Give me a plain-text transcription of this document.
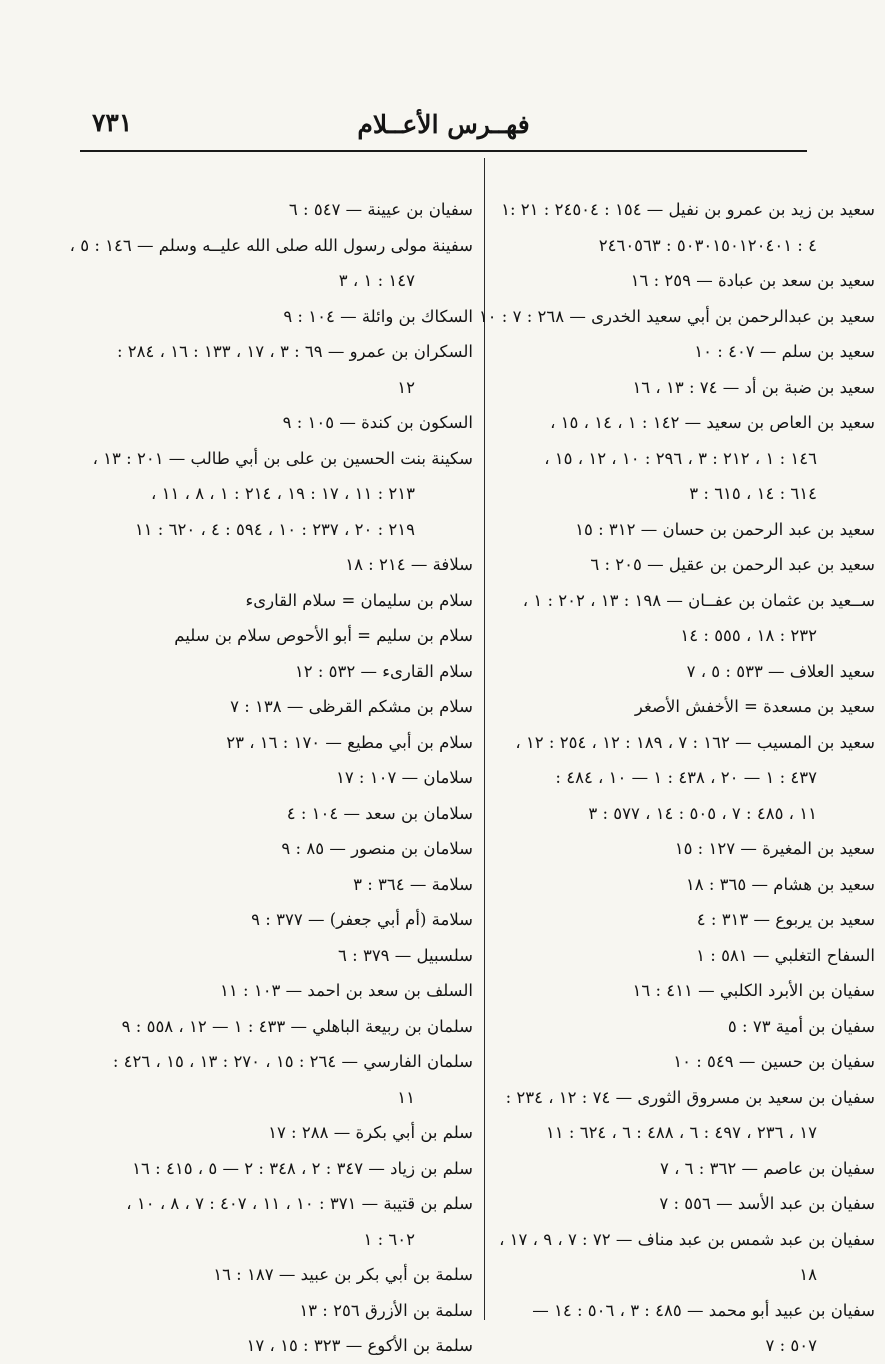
فهــرس الأعــلام
٧٣١
سعيد بن زيد بن عمرو بن نفيل — ١٥٤ : ٢٤٥٠٤ : ٢١ :١
٤ : ٥٠٣٠١٥٠١٢٠٤٠١ : ٢٤٦٠٥٦٣
سعيد بن سعد بن عبادة — ٢٥٩ : ١٦
سعيد بن عبدالرحمن بن أبي سعيد الخدرى — ٢٦٨ : ٧ : ١٠
سعيد بن سلم — ٤٠٧ : ١٠
سعيد بن ضبة بن أد — ٧٤ : ١٣ ، ١٦
سعيد بن العاص بن سعيد — ١٤٢ : ١ ، ١٤ ، ١٥ ،
١٤٦ : ١ ، ٢١٢ : ٣ ، ٢٩٦ : ١٠ ، ١٢ ، ١٥ ،
٦١٤ : ١٤ ، ٦١٥ : ٣
سعيد بن عبد الرحمن بن حسان — ٣١٢ : ١٥
سعيد بن عبد الرحمن بن عقيل — ٢٠٥ : ٦
ســعيد بن عثمان بن عفــان — ١٩٨ : ١٣ ، ٢٠٢ : ١ ،
٢٣٢ : ١٨ ، ٥٥٥ : ١٤
سعيد العلاف — ٥٣٣ : ٥ ، ٧
سعيد بن مسعدة = الأخفش الأصغر
سعيد بن المسيب — ١٦٢ : ٧ ، ١٨٩ : ١٢ ، ٢٥٤ : ١٢ ،
٤٣٧ : ١ — ٢٠ ، ٤٣٨ : ١ — ١٠ ، ٤٨٤ :
١١ ، ٤٨٥ : ٧ ، ٥٠٥ : ١٤ ، ٥٧٧ : ٣
سعيد بن المغيرة — ١٢٧ : ١٥
سعيد بن هشام — ٣٦٥ : ١٨
سعيد بن يربوع — ٣١٣ : ٤
السفاح التغلبي — ٥٨١ : ١
سفيان بن الأبرد الكلبي — ٤١١ : ١٦
سفيان بن أمية ٧٣ : ٥
سفيان بن حسين — ٥٤٩ : ١٠
سفيان بن سعيد بن مسروق الثورى — ٧٤ : ١٢ ، ٢٣٤ :
١٧ ، ٢٣٦ ، ٤٩٧ : ٦ ، ٤٨٨ : ٦ ، ٦٢٤ : ١١
سفيان بن عاصم — ٣٦٢ : ٦ ، ٧
سفيان بن عبد الأسد — ٥٥٦ : ٧
سفيان بن عبد شمس بن عبد مناف — ٧٢ : ٧ ، ٩ ، ١٧ ،
١٨
سفيان بن عبيد أبو محمد — ٤٨٥ : ٣ ، ٥٠٦ : ١٤ —
٥٠٧ : ٧
سفيان بن عيينة — ٥٤٧ : ٦
سفينة مولى رسول الله صلى الله عليــه وسلم — ١٤٦ : ٥ ،
١٤٧ : ١ ، ٣
السكاك بن وائلة — ١٠٤ : ٩
السكران بن عمرو — ٦٩ : ٣ ، ١٧ ، ١٣٣ : ١٦ ، ٢٨٤ :
١٢
السكون بن كندة — ١٠٥ : ٩
سكينة بنت الحسين بن على بن أبي طالب — ٢٠١ : ١٣ ،
٢١٣ : ١١ ، ١٧ : ١٩ ، ٢١٤ : ١ ، ٨ ، ١١ ،
٢١٩ : ٢٠ ، ٢٣٧ : ١٠ ، ٥٩٤ : ٤ ، ٦٢٠ : ١١
سلافة — ٢١٤ : ١٨
سلام بن سليمان = سلام القارىء
سلام بن سليم = أبو الأحوص سلام بن سليم
سلام القارىء — ٥٣٢ : ١٢
سلام بن مشكم القرظى — ١٣٨ : ٧
سلام بن أبي مطيع — ١٧٠ : ١٦ ، ٢٣
سلامان — ١٠٧ : ١٧
سلامان بن سعد — ١٠٤ : ٤
سلامان بن منصور — ٨٥ : ٩
سلامة — ٣٦٤ : ٣
سلامة (أم أبي جعفر) — ٣٧٧ : ٩
سلسبيل — ٣٧٩ : ٦
السلف بن سعد بن احمد — ١٠٣ : ١١
سلمان بن ربيعة الباهلي — ٤٣٣ : ١ — ١٢ ، ٥٥٨ : ٩
سلمان الفارسي — ٢٦٤ : ١٥ ، ٢٧٠ : ١٣ ، ١٥ ، ٤٢٦ :
١١
سلم بن أبي بكرة — ٢٨٨ : ١٧
سلم بن زياد — ٣٤٧ : ٢ ، ٣٤٨ : ٢ — ٥ ، ٤١٥ : ١٦
سلم بن قتيبة — ٣٧١ : ١٠ ، ١١ ، ٤٠٧ : ٧ ، ٨ ، ١٠ ،
٦٠٢ : ١
سلمة بن أبي بكر بن عبيد — ١٨٧ : ١٦
سلمة بن الأزرق ٢٥٦ : ١٣
سلمة بن الأكوع — ٣٢٣ : ١٥ ، ١٧
